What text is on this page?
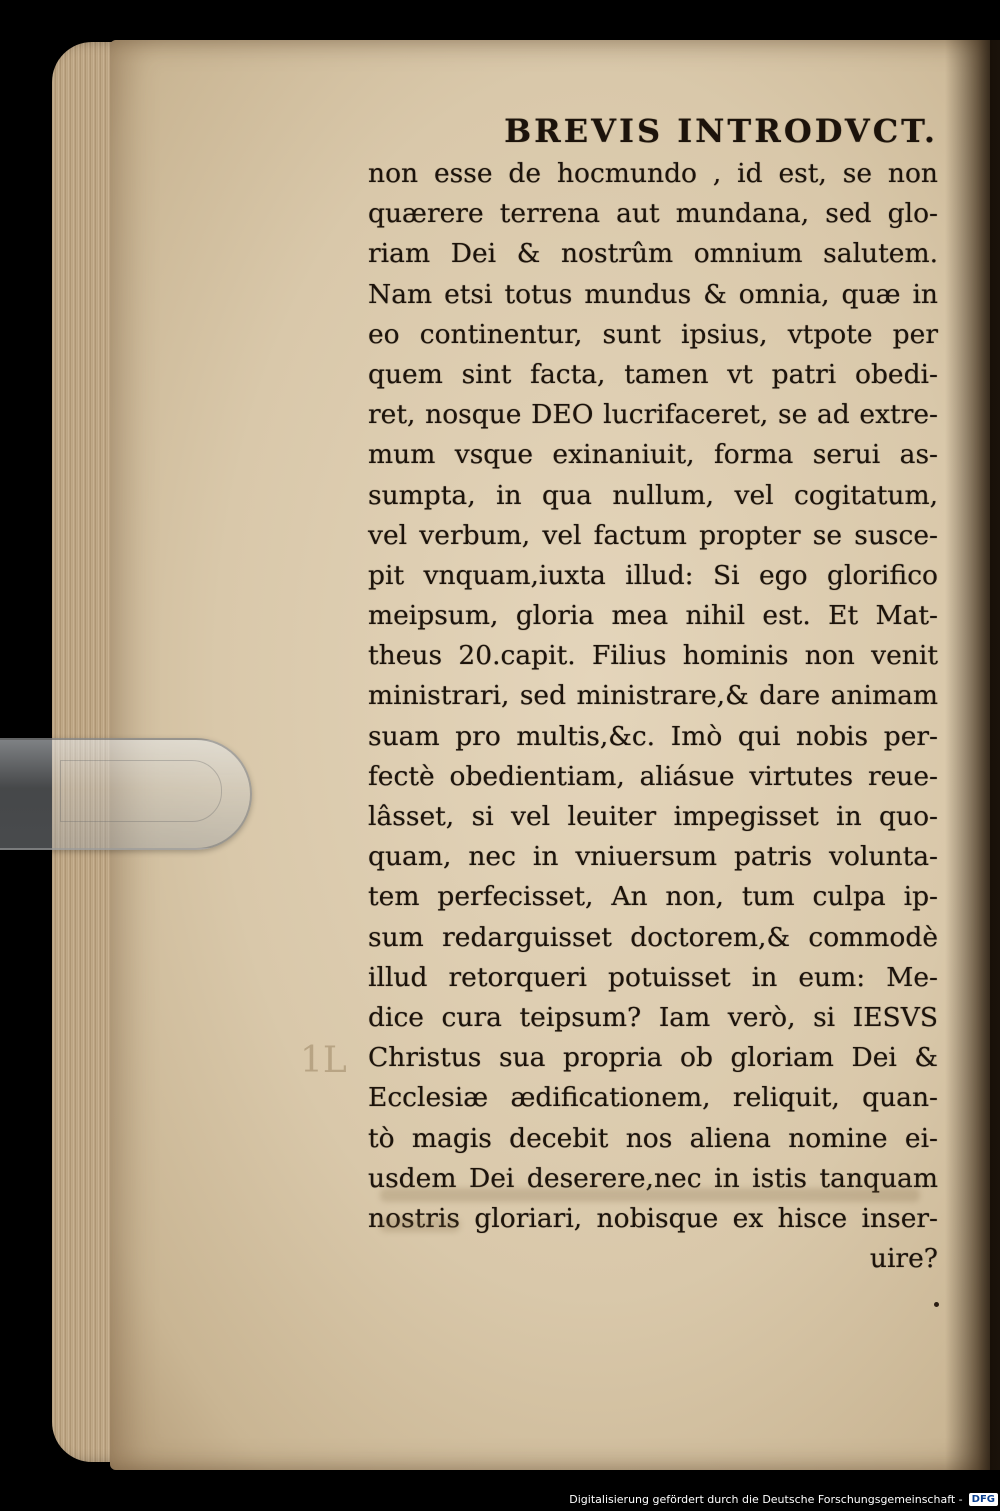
1​L
BREVIS INTRODVCT.
non esse de hocmundo , id est, se non
quærere terrena aut mundana, sed glo-
riam Dei & nostrûm omnium salutem.
Nam etsi totus mundus & omnia, quæ in
eo continentur, sunt ipsius, vtpote per
quem sint facta, tamen vt patri obedi-
ret, nosque DEO lucrifaceret, se ad extre-
mum vsque exinaniuit, forma serui as-
sumpta, in qua nullum, vel cogitatum,
vel verbum, vel factum propter se susce-
pit vnquam,iuxta illud: Si ego glorifico
meipsum, gloria mea nihil est. Et Mat-
theus 20.capit. Filius hominis non venit
ministrari, sed ministrare,& dare animam
suam pro multis,&c. Imò qui nobis per-
fectè obedientiam, aliásue virtutes reue-
lâsset, si vel leuiter impegisset in quo-
quam, nec in vniuersum patris volunta-
tem perfecisset, An non, tum culpa ip-
sum redarguisset doctorem,& commodè
illud retorqueri potuisset in eum: Me-
dice cura teipsum? Iam verò, si IESVS
Christus sua propria ob gloriam Dei &
Ecclesiæ ædificationem, reliquit, quan-
tò magis decebit nos aliena nomine ei-
usdem Dei deserere,nec in istis tanquam
nostris gloriari, nobisque ex hisce inser-
uire?
Digitalisierung gefördert durch die Deutsche Forschungsgemeinschaft - DFG
